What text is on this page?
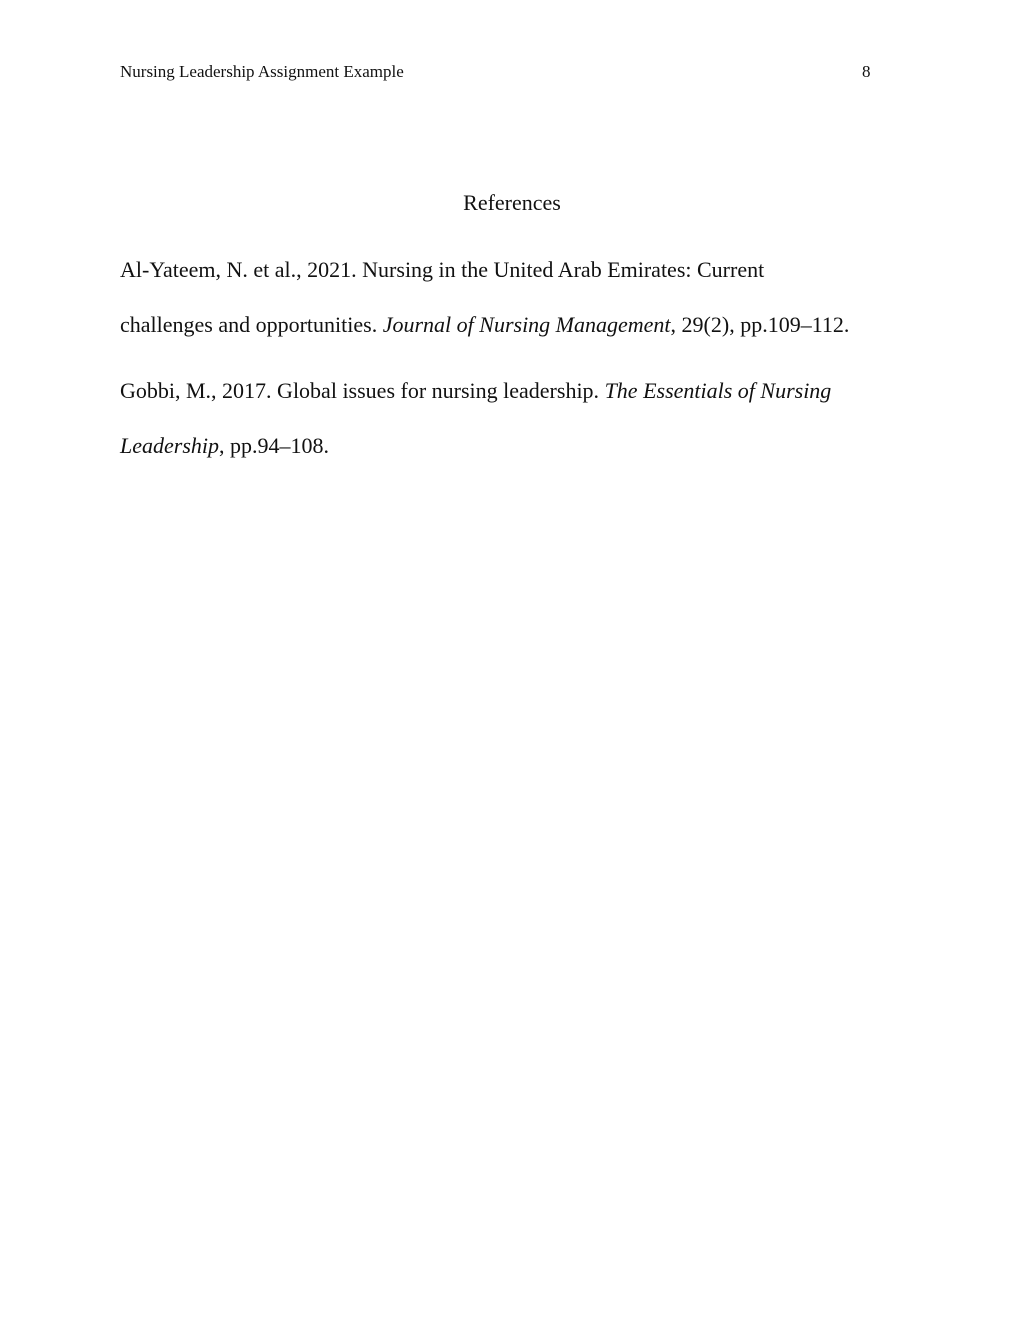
Nursing Leadership Assignment Example	8
References
Al-Yateem, N. et al., 2021. Nursing in the United Arab Emirates: Current
challenges and opportunities. Journal of Nursing Management, 29(2), pp.109–112.
Gobbi, M., 2017. Global issues for nursing leadership. The Essentials of Nursing
Leadership, pp.94–108.
